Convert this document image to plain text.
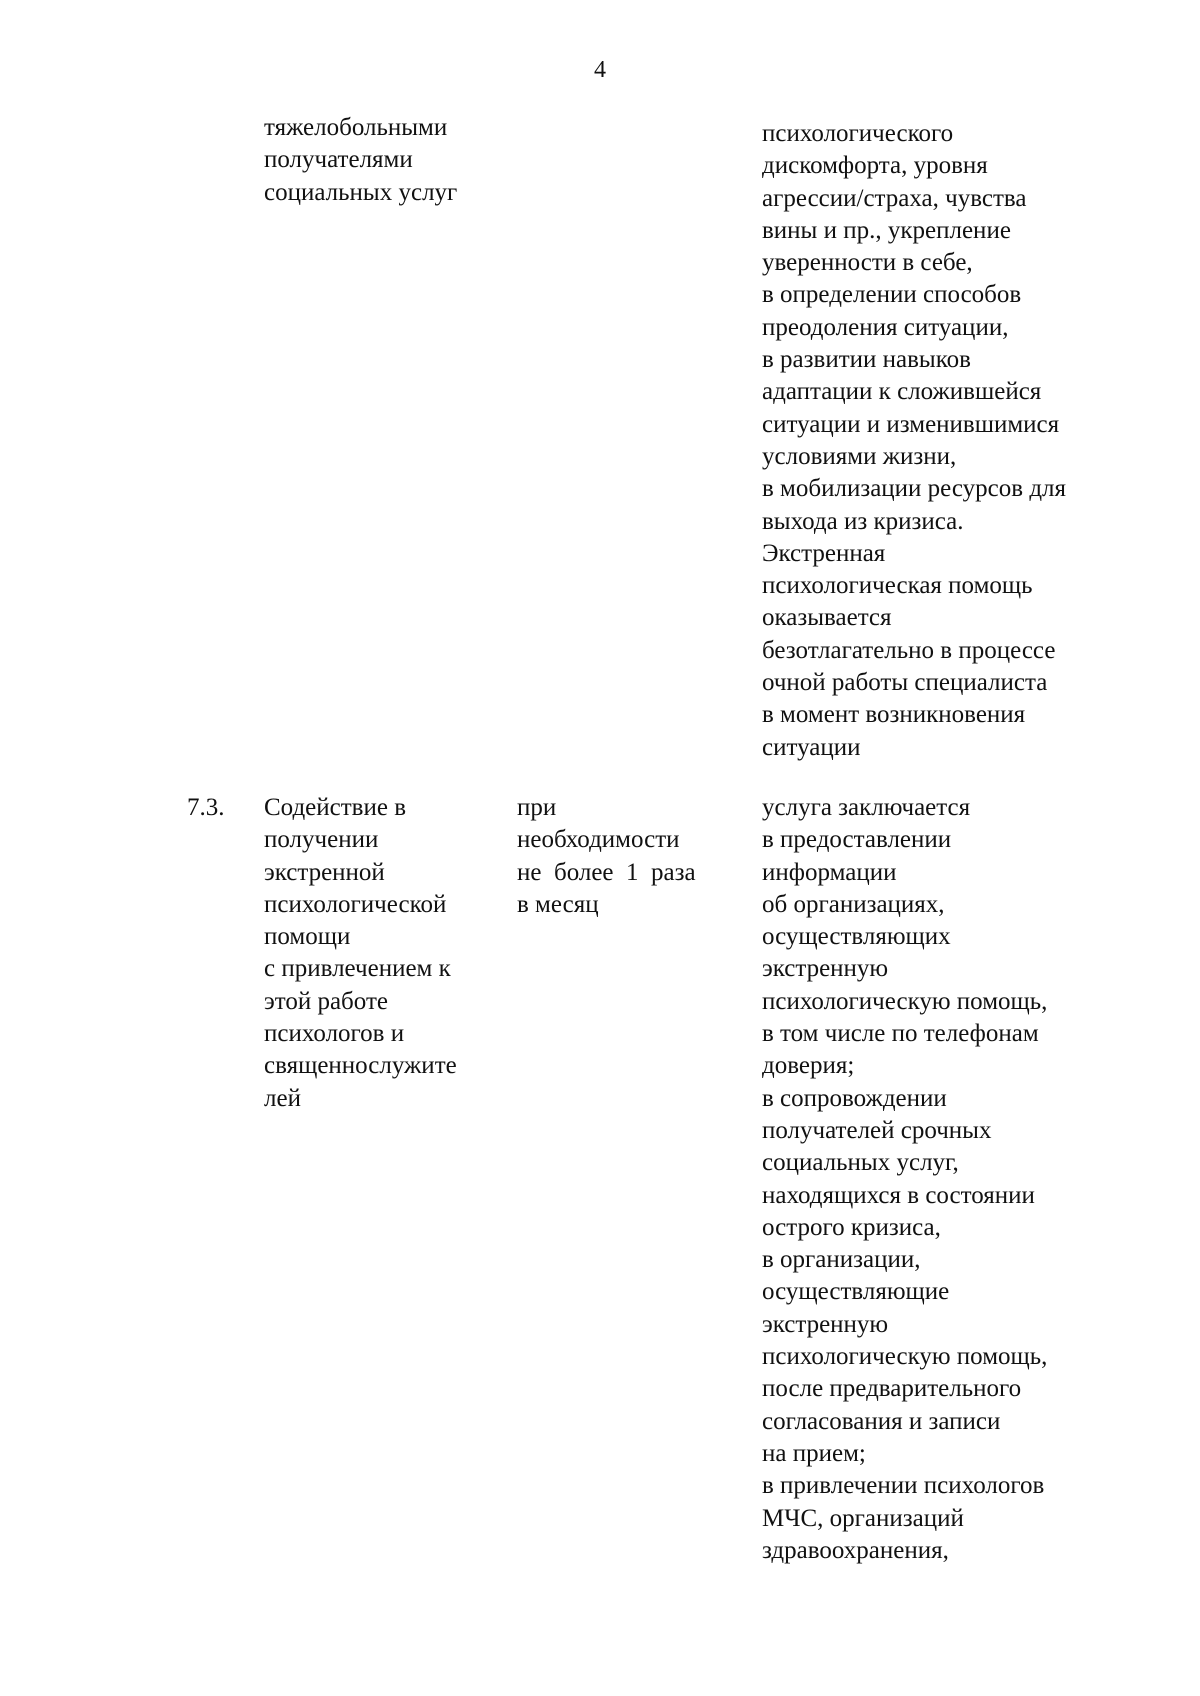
4
тяжелобольными
получателями
социальных услуг
психологического
дискомфорта, уровня
агрессии/страха, чувства
вины и пр., укрепление
уверенности в себе,
в определении способов
преодоления ситуации,
в развитии навыков
адаптации к сложившейся
ситуации и изменившимися
условиями жизни,
в мобилизации ресурсов для
выхода из кризиса.
Экстренная
психологическая помощь
оказывается
безотлагательно в процессе
очной работы специалиста
в момент возникновения
ситуации
7.3. Содействие в
получении
экстренной
психологической
помощи
с привлечением к
этой работе
психологов и
священнослужите
лей
при
необходимости
не  более  1  раза
в месяц
услуга заключается
в предоставлении
информации
об организациях,
осуществляющих
экстренную
психологическую помощь,
в том числе по телефонам
доверия;
в сопровождении
получателей срочных
социальных услуг,
находящихся в состоянии
острого кризиса,
в организации,
осуществляющие
экстренную
психологическую помощь,
после предварительного
согласования и записи
на прием;
в привлечении психологов
МЧС, организаций
здравоохранения,
